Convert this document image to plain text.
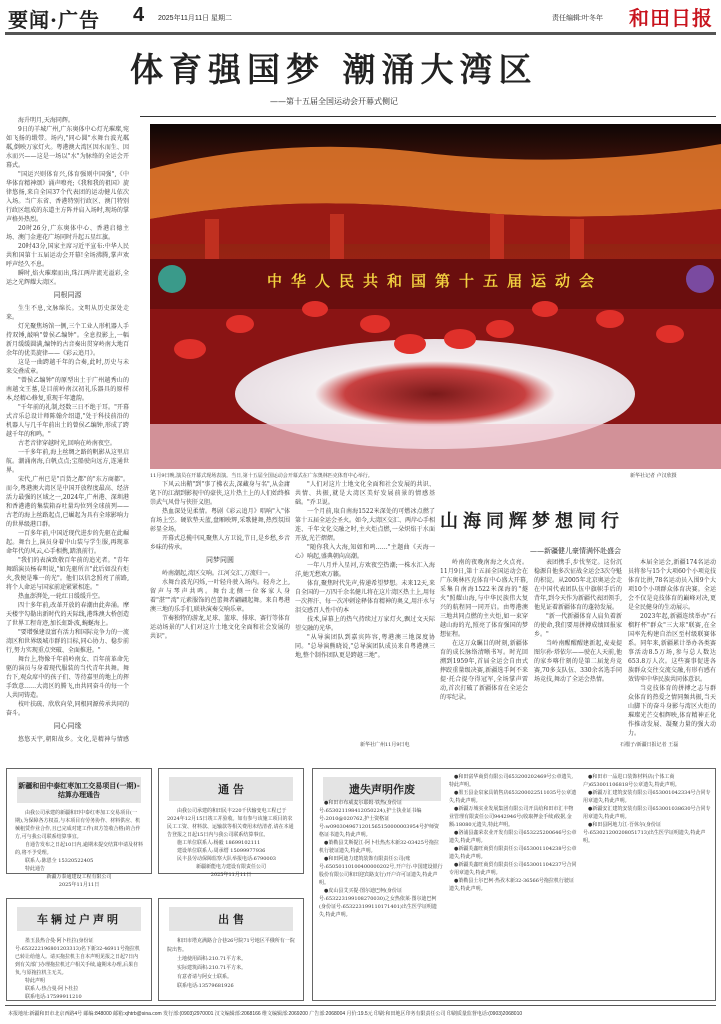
要闻·广告 4 2025年11月11日 星期二	责任编辑:叶冬年 和田日报
体育强国梦 潮涌大湾区
——第十五届全国运动会开幕式侧记

海升明月,天海同辉。

9日的羊城广州,广东奥体中心灯光璀璨,宛如飞扬的缎带。场内,"同心圆"水舞台波光粼粼,倒映万家灯火。粤港澳大湾区因水而生、因水而兴——这是一场以"水"为脉络的全运会开幕式。

"国运兴则体育兴,体育强则中国强",《中华体育精神颂》涌声嘹亮;《我和我的祖国》旋律悠扬,来自全国37个代表团的运动健儿依次入场。当广东省、香港特别行政区、澳门特别行政区组成的东道主方阵并肩入场时,现场的掌声格外热烈。

20时26分,广东奥体中心、香港启德主场、澳门金莲花广场同时升起五星红旗。

20时43分,国家主席习近平宣布:中华人民共和国第十五届运动会开幕!全场沸腾,掌声欢呼声经久不息。

瞬时,焰火璀璨而出,珠江两岸流光溢彩,全运之光辉耀大湾区。

同根同源

生生不息,文脉绵长。文明从历史深处走来。

灯光聚焦场馆一侧,三个工业人形机器人手持双锤,敲响"曾侯乙编钟"。全息投影上,一幅新月缓缓圆满,编钟的古音奏出贯穿岭南大地百余年的优美旋律——《彩云追月》。

这是一曲跨越千年的合奏,此时,历史与未来交叠成章。

"曾侯乙编钟"的原型出土于广州越秀山的南越文王墓,是目前岭南汉初礼乐器具的原样本,经精心修复,重现千年遗韵。

"千年前的礼制,经数三日不绝于耳。"开幕式音乐总设计师陈翰介绍道,"处于科技前沿的机器人与几千年前出土的曾侯乙编钟,形成了跨越千年的和鸣。"

古老音律穿越时光,回响在岭南夜空。

一千多年前,海上丝绸之路的帆影从这里启航。潮涌南海,白帆点点;宝船驶向远方,连通世界。

宋代,广州已是"百货之都"的"东方商都"。而今,粤港澳大湾区是中国开放程度最高、经济活力最强的区域之一,2024年,广州港、深圳港和香港港的集装箱吞吐量均位列全球前列——古老的海上丝路起点,已崛起为具有全球影响力的世界级港口群。

一百多年前,中国近现代进步的先驱在此崛起。舞台上,演员身着中山装与学生服,再现革命年代的风云,心手相携,踏浪前行。

"我们的表演致敬百年前的追光者。"青年舞蹈演员杨春明说,"如先驱所言"此后如没有炬火,我便是唯一的光"。他们以信念照亮了前路,将个人命运与国家前途紧紧相连。"

热血澎湃处,一轮红日缓缓升空。

四十多年前,改革开放的春潮由此奔涌。摩天楼宇勾勒出新时代的天际线,港珠澳大桥创造了世界工程奇迹,加长虹卧波,蜿蜒海上。

"要增强建设富有活力和国际竞争力的一流湾区和世界级城市群的目标,同心协力、稳步前行,努力实现重点突破、全面推进。"

舞台上,物像千年前岭南女、百年前革命先驱的演员与身着现代服装的当代青年共舞。舞台下,观众席中的孩子们、等待嘉里的地上的挥手致意……大湾区的腾飞,由共同奋斗的每一个人共同铸造。

枝叶扶疏、欣欣向荣,同根同源传承共同的奋斗。

同心同缘

悠悠天宇,朝阳故乡。文化,是精神与情感

中华人民共和国第十五届运动会
11月9日晚,演员在开幕式现场表演。当日,第十五届全国运动会开幕式在广东奥林匹克体育中心举行。	新华社记者 卢汉欣摄

下风云出鞘"到"事了拂衣去,深藏身与名",从金庸笔下的江湖到影视中的豪侠,这片热土上的人们始终推崇武气风骨与侠肝义胆。

热血深处见柔情。粤剧《彩云追月》唱响"入"体育场上空。硬软垫天蓝,盘厢映辉,采歌健舞,热烈氛围彰显全场。

开幕式总揽中国,聚焦人方卫说,节日,是乡愁,乡音乡味的传承。

同梦同圆

岭南潮起,湾区交响。江河交汇,万流归一。

水舞台波光闪烁,一叶轻舟驶入场内。轻舟之上,留声与琴声共鸣。舞台北侧一位客家人身着"湛""湾"元素服饰的芭蕾舞者翩翩起舞。来自粤港澳三地的乐手们,联袂演奏交响乐章。

节奏独特的游龙,足球、篮球、排球、赛行等体育运动场景的"人们对这片土地文化全面和社会发展的共识"。

"人们对这片土地文化全面和社会发展的共识、共情、共振,就是大湾区美好发展前景的情感基础。"乔卫说。

一个月前,取自南海1522米深处的可燃冰点燃了第十五届全运会圣火。如今,大湾区交汇、两岸心手相连、千年文化交融之时,主火炬点燃,一朵炽焰于水面开放,光芒熠熠。

"随你我入大海,知如和鸣……"主题曲《天海一心》响起,盛典朝向高潮。

一年八月并入星河,方欢夜空热潮;一株水汇入海洋,她无愁欢万籁。

体育,聚焦时代先声,传递希望梦想。未来12天,来自全国的一万四千余名健儿将在这片湾区热土上,用每一次挥汗、每一次冲刺诠释体育精神的奥义,用汗水与泪交感召人性中的本

技术,屏幕上的热气持续过万家灯火,飘过文天际望交融的光华。

"从导演团队到嘉宾阵容,粤港澳三地深度协同。"总导演熊晓说,"总导演团队成员来自粤港澳三地,整个制作团队更是跨越三地"。

山海同辉梦想同行
——新疆健儿豪情满怀赴盛会

岭南的夜晚南海之火点亮。11月9日,第十五届全国运动会在广东奥林匹克体育中心盛大开幕,采集自南海1522米深海的"燧火"照耀山海,与中华民族伟大复兴的航程同一同开启。由粤港澳三地共同点燃的主火炬,如一束穿越山海的光,照亮了体育强国的梦想征程。

在这万众瞩目的时刻,新疆体育的成长脉络清晰书写。时光回溯到1959年,首届全运会自由式摔跤重量级决赛,新疆选手阿不来提·托合提夺得冠军,全场掌声雷动,首次打破了新疆体育在全运会的零纪录。

表团携手,步伐坚定。这份沉稳源自他多次征战全运会3次夺魁的积淀。从2005年北京奥运会走在中国代表团队伍中旗帜手后的背年,到今天作为新疆代表团领手,他见证着新疆体育的蓬勃发展。

"新一代新疆体育人肩负着新的使命,我们要用拼搏成绩回报家乡。"

当岭南醒醒醒建新起,麦麦提图尔孙·塔依尔——驶在人天前,他的家乡喀什刻的是第二届龙舟竞赛,70多支队伍、330余名选手同场竞技,舞动了全运会热情。

本届全运会,新疆174名运动员将参与15个大项60个小项竞技体育比拼,78名运动员入围9个大项10个小项群众体育决赛。全运会不仅是竞技体育的巅峰对决,更是全民健身的生动展示。

2023年起,新疆连续举办"石榴籽杯"群众"三大球"联赛,在全国率先构建自治区至村级联赛体系。同年来,新疆累计举办各类赛事活动8.5万场,参与总人数达653.8万人次。这些赛事促进各族群众交往交流交融,有形有感有效铸牢中华民族共同体意识。

当竞技体育的拼搏之志与群众体育的热爱之情同频共振,当天山脚下的奋斗身影与湾区火炬的璀璨光芒交相辉映,体育精神正化作推动发展、凝聚力量的强大动力。

石榴子/新疆日报记者 王磊
新华社广州11月9日电
新疆和田中泰红枣加工交易项目(一期)-结算办理通告

由我公司承建的新疆和田中泰红枣加工交易项目(一期),为保障各方权益,与本项目有劳务协作、材料供应、机械租赁作业合作,且已完成对建工作(双方签收合格)的合作方,可与我公司联系结算事宜。

自通告发布之日起10日内,逾期未提交结算申请及材料的,将不予受理。

联系人:陈恩全 15320522405

特此通告

新疆万泰通建设工程有限公司
2025年11月11日
通 告

由我公司承建的和田民丰220千伏输变电工程已于2024年12月15日竣工并验收。如有参与该施工项目的农民工工资、材料款、运输款等相关费用未结清者,请在本通告登报之日起15日内与我公司联系结算事宜。

施工单位联系人:杨毅 18699102111
建设单位联系人:周承缙 15099977936
民丰县劳动保障监察大队举报电话:6790003
新疆新能电力建设有限责任公司
2025年11月11日
车辆过户声明

墨玉县热合曼·阿卜杜拉(身份证号:653222196801203313)名下新32-46911号拖拉机已转让给他人。请买拖拉机主自本声明见报之日起7日内到有关部门办理拖拉机过户相关手续,逾期未办理,后果自负,与原拖拉机主无关。

特此声明

联系人:热合曼·阿卜杜拉

联系电话:17599911210

出 售

和田市塔克满路合合巷26号院71号地区平俄所有一院院出售。

土地使用面积:210.71平方米。

实际建筑面积:210.71平方米。

有意者请与阿女士联系。

联系电话:13579681926

遗失声明作废

●和田市布威麦尔耶姆·铁热(身份证号:653021198412050224),护士执业证书编号:2010@020762,护士资格证号:w0903049671201565150000003954号护师资格证书遗失,特此声明。

●策勒县艾斯提江·阿卜杜热杰木新32-03425号拖拉机行驶证遗失,特此声明。

●和田阿迪力建筑装饰有限责任公司(账号:65050110100400000202号,开户行:中国建设银行股份有限公司和田迎宾路支行)开户许可证遗失,特此声明。

●皮山县艾买提·图尔迪巴柯(身份证号:653223199108270030)之女热依莱·图尔迪巴柯(身份证号:653223199110171401)出生医学证明遗失,特此声明。

●和田富华商贸有限公司653200202469号公章遗失,特此声明。

●墨玉县金泉家具销售店653200022511035号公章遗失,特此声明。

●新疆万城实业发展集团有限公司开具给和田市汇丰物业管理有限责任公司9442946号(收取押金手续)收据,金额:18080元遗失,特此声明。

●洛浦县鑫荣农业开发有限公司653225200646号公章遗失,特此声明。

●新疆芙鑫旺商贸有限责任公司653001104238号公章遗失,特此声明。

●新疆芙鑫旺商贸有限责任公司653001104237号合同专用章遗失,特此声明。

●策勒县土尔巴柯·热孜木新32-36566号拖拉机行驶证遗失,特此声明。

●和田市一品进口装饰材料店(个体工商户)653001106818号公章遗失,特此声明。

●新疆万汇建筑安装有限公司653001042334号合同专用章遗失,特此声明。

●新疆安汇建筑安装有限公司653001038630号合同专用章遗失,特此声明。

●和田县阿地力江·吾休尔(身份证号:653021200208051713)出生医学证明遗失,特此声明。

本报地址:新疆和田市北京西路4号 邮编:848000 邮箱:xjhtrb@sina.com 发行部:(0903)2970001 汉文编辑部:2068166 维文编辑部:2069200 广告部:2068004 月价:19.5元 印刷:和田地区印务有限责任公司 印刷质量监督电话:(0903)2068010
